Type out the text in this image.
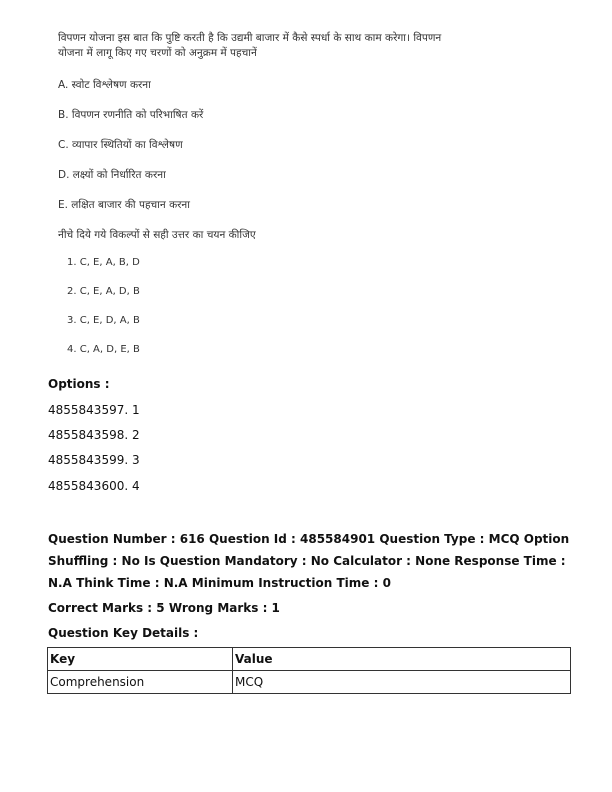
विपणन योजना इस बात कि पुष्टि करती है कि उद्यमी बाजार में कैसे स्पर्धा के साथ काम करेगा। विपणन योजना में लागू किए गए चरणों को अनुक्रम में पहचानें
A. स्वोट विश्लेषण करना
B. विपणन रणनीति को परिभाषित करें
C. व्यापार स्थितियों का विश्लेषण
D. लक्ष्यों को निर्धारित करना
E. लक्षित बाजार की पहचान करना
नीचे दिये गये विकल्पों से सही उत्तर का चयन कीजिए
1. C, E, A, B, D
2. C, E, A, D, B
3. C, E, D, A, B
4. C, A, D, E, B
Options :
4855843597. 1
4855843598. 2
4855843599. 3
4855843600. 4
Question Number : 616 Question Id : 485584901 Question Type : MCQ Option Shuffling : No Is Question Mandatory : No Calculator : None Response Time : N.A Think Time : N.A Minimum Instruction Time : 0
Correct Marks : 5 Wrong Marks : 1
Question Key Details :
Key	Value
Comprehension	MCQ
